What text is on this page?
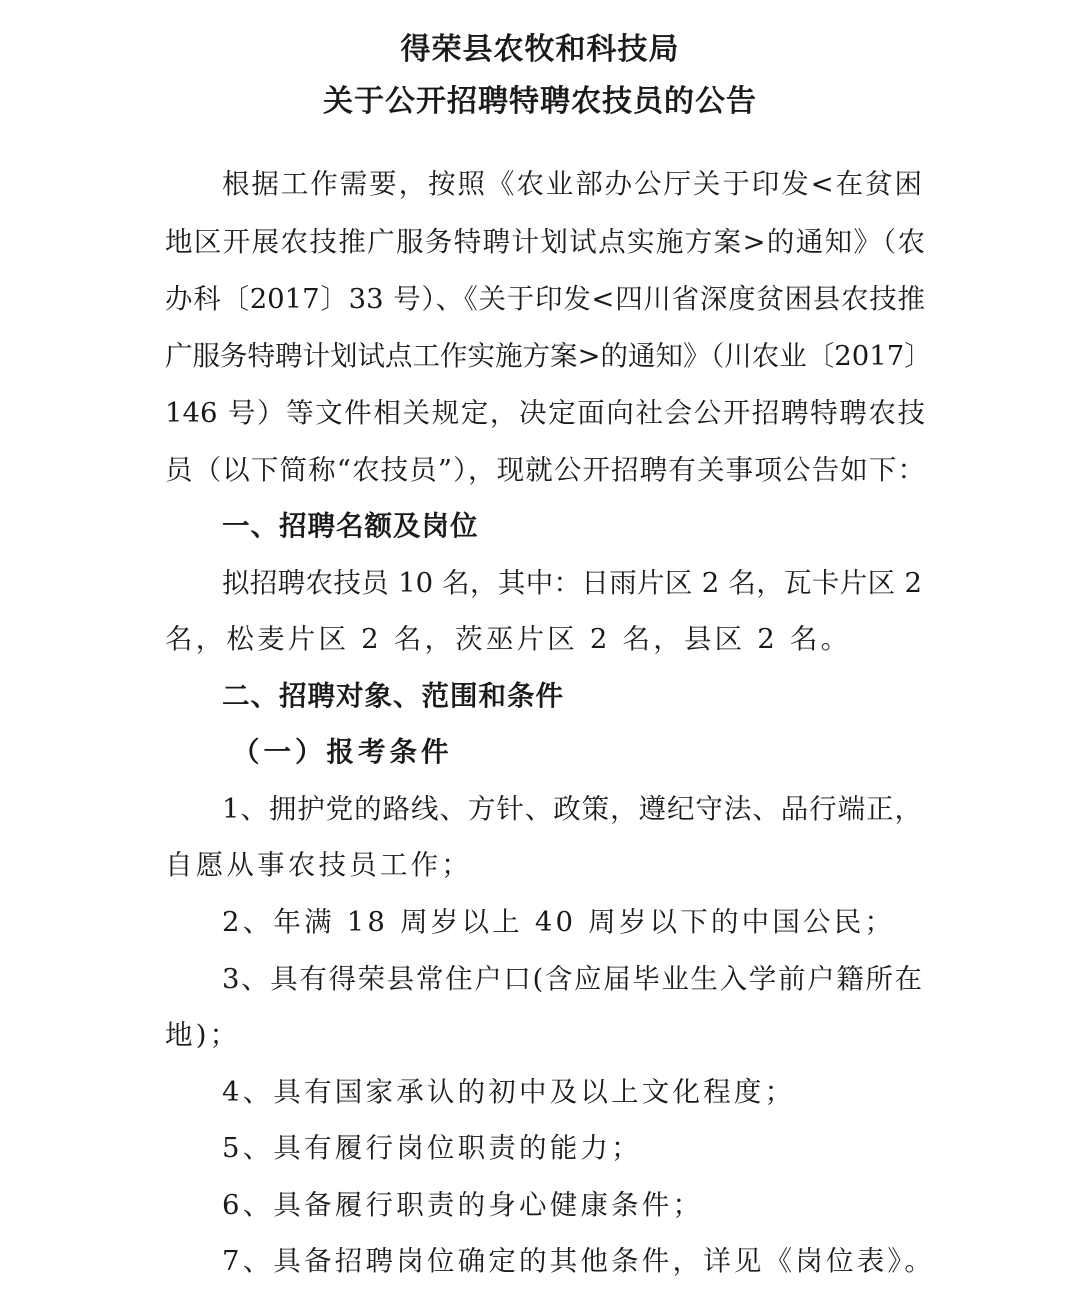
得荣县农牧和科技局
关于公开招聘特聘农技员的公告
根据工作需要，按照《农业部办公厅关于印发<在贫困
地区开展农技推广服务特聘计划试点实施方案>的通知》（农
办科〔2017〕33 号）、《关于印发<四川省深度贫困县农技推
广服务特聘计划试点工作实施方案>的通知》（川农业〔2017〕
146 号）等文件相关规定，决定面向社会公开招聘特聘农技
员（以下简称“农技员”），现就公开招聘有关事项公告如下：
一、招聘名额及岗位
拟招聘农技员 10 名，其中：日雨片区 2 名，瓦卡片区 2
名，松麦片区 2 名，茨巫片区 2 名，县区 2 名。
二、招聘对象、范围和条件
（一）报考条件
1、拥护党的路线、方针、政策，遵纪守法、品行端正，
自愿从事农技员工作；
2、年满 18 周岁以上 40 周岁以下的中国公民；
3、具有得荣县常住户口(含应届毕业生入学前户籍所在
地)；
4、具有国家承认的初中及以上文化程度；
5、具有履行岗位职责的能力；
6、具备履行职责的身心健康条件；
7、具备招聘岗位确定的其他条件，详见《岗位表》。
